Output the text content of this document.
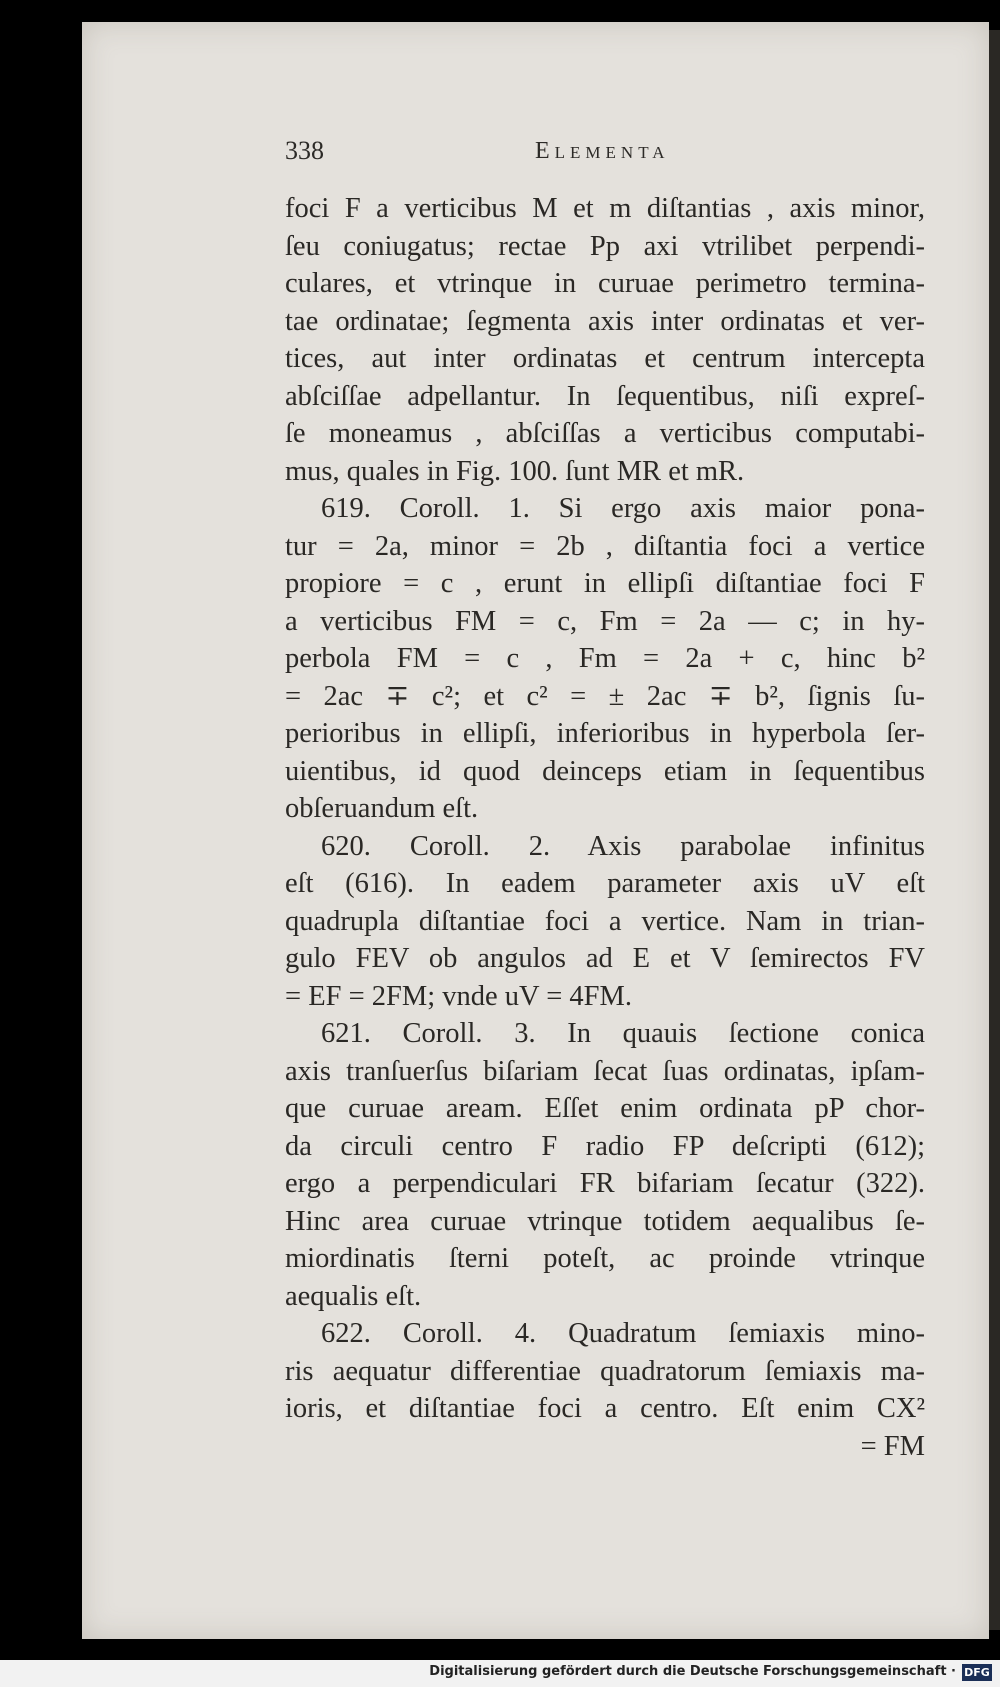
338	Elementa
foci F a verticibus M et m diſtantias , axis minor,
ſeu coniugatus; rectae Pp axi vtrilibet perpendi-
culares, et vtrinque in curuae perimetro termina-
tae ordinatae; ſegmenta axis inter ordinatas et ver-
tices, aut inter ordinatas et centrum intercepta
abſciſſae adpellantur. In ſequentibus, niſi expreſ-
ſe moneamus , abſciſſas a verticibus computabi-
mus, quales in Fig. 100. ſunt MR et mR.
619. Coroll. 1. Si ergo axis maior pona-
tur = 2a, minor = 2b , diſtantia foci a vertice
propiore = c , erunt in ellipſi diſtantiae foci F
a verticibus FM = c, Fm = 2a — c; in hy-
perbola FM = c , Fm = 2a + c, hinc b²
= 2ac ∓ c²; et c² = ± 2ac ∓ b², ſignis ſu-
perioribus in ellipſi, inferioribus in hyperbola ſer-
uientibus, id quod deinceps etiam in ſequentibus
obſeruandum eſt.
620. Coroll. 2. Axis parabolae infinitus
eſt (616). In eadem parameter axis uV eſt
quadrupla diſtantiae foci a vertice. Nam in trian-
gulo FEV ob angulos ad E et V ſemirectos FV
= EF = 2FM; vnde uV = 4FM.
621. Coroll. 3. In quauis ſectione conica
axis tranſuerſus biſariam ſecat ſuas ordinatas, ipſam-
que curuae aream. Eſſet enim ordinata pP chor-
da circuli centro F radio FP deſcripti (612);
ergo a perpendiculari FR bifariam ſecatur (322).
Hinc area curuae vtrinque totidem aequalibus ſe-
miordinatis ſterni poteſt, ac proinde vtrinque
aequalis eſt.
622. Coroll. 4. Quadratum ſemiaxis mino-
ris aequatur differentiae quadratorum ſemiaxis ma-
ioris, et diſtantiae foci a centro. Eſt enim CX²
= FM
Digitalisierung gefördert durch die Deutsche Forschungsgemeinschaft · DFG
